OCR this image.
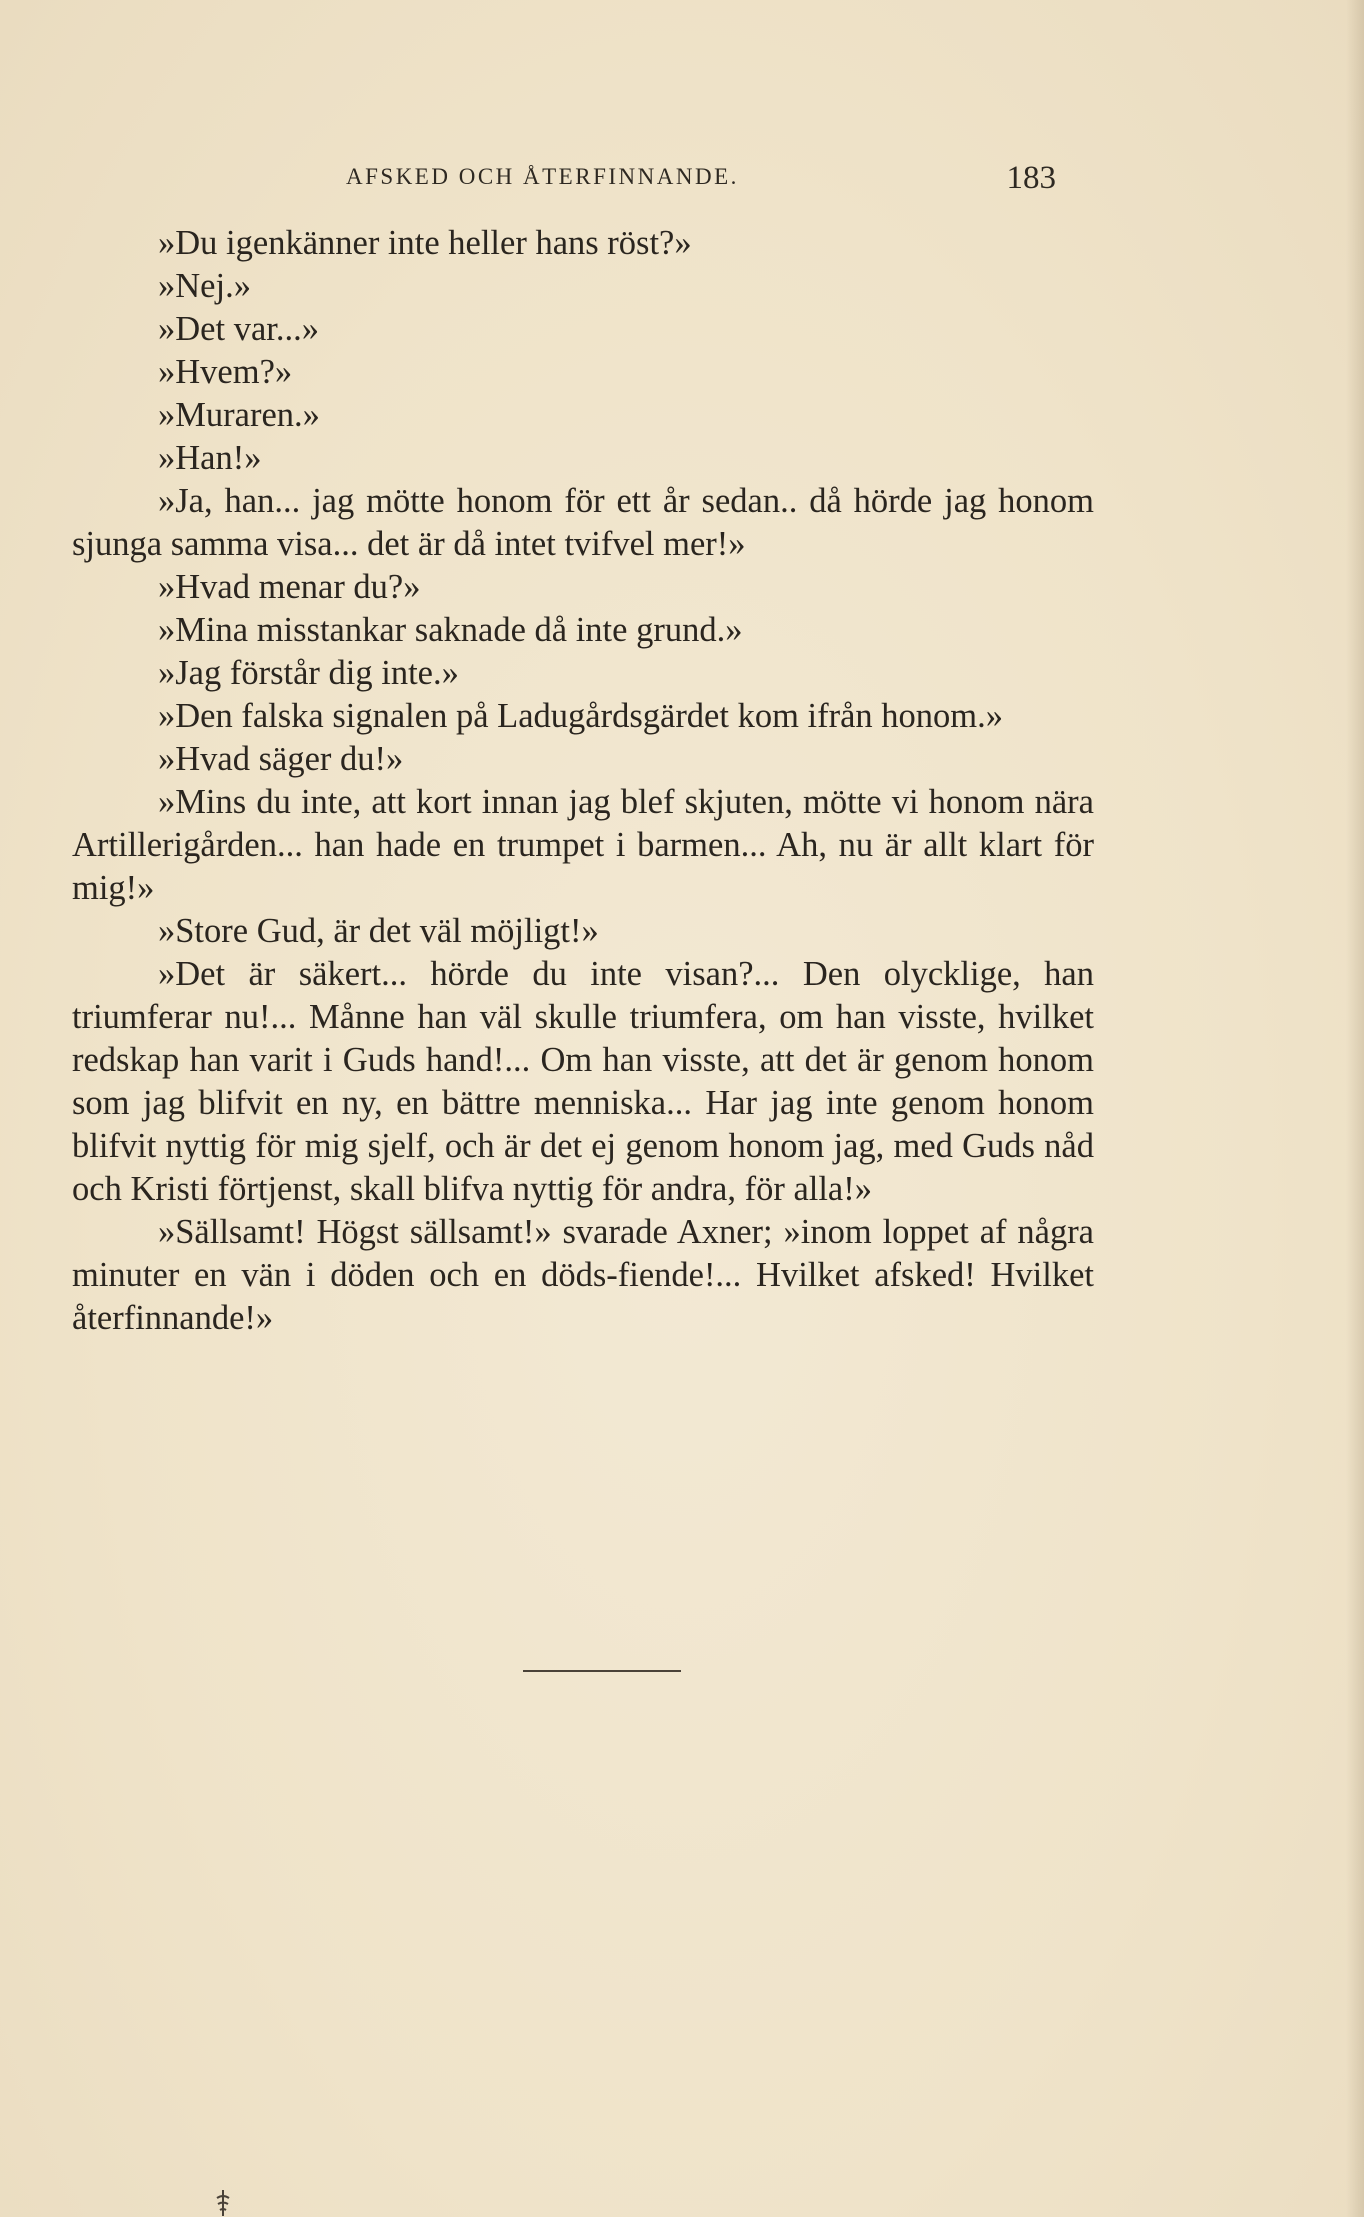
AFSKED OCH ÅTERFINNANDE.	183

»Du igenkänner inte heller hans röst?»

»Nej.»

»Det var...»

»Hvem?»

»Muraren.»

»Han!»

»Ja, han... jag mötte honom för ett år sedan.. då hörde jag honom sjunga samma visa... det är då intet tvifvel mer!»

»Hvad menar du?»

»Mina misstankar saknade då inte grund.»

»Jag förstår dig inte.»

»Den falska signalen på Ladugårdsgärdet kom ifrån honom.»

»Hvad säger du!»

»Mins du inte, att kort innan jag blef skjuten, mötte vi honom nära Artillerigården... han hade en trumpet i barmen... Ah, nu är allt klart för mig!»

»Store Gud, är det väl möjligt!»

»Det är säkert... hörde du inte visan?... Den olycklige, han triumferar nu!... Månne han väl skulle triumfera, om han visste, hvilket redskap han varit i Guds hand!... Om han visste, att det är genom honom som jag blifvit en ny, en bättre menniska... Har jag inte genom honom blifvit nyttig för mig sjelf, och är det ej genom honom jag, med Guds nåd och Kristi förtjenst, skall blifva nyttig för andra, för alla!»

»Sällsamt! Högst sällsamt!» svarade Axner; »inom loppet af några minuter en vän i döden och en döds-fiende!... Hvilket afsked! Hvilket återfinnande!»
